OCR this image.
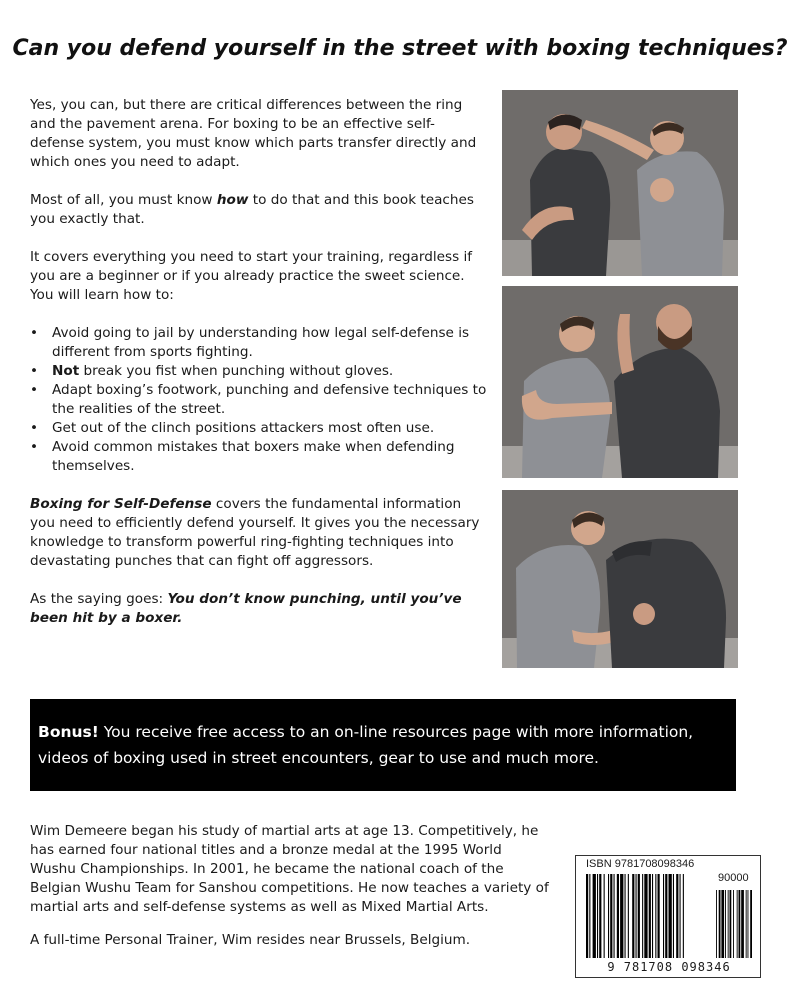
Can you defend yourself in the street with boxing techniques?

Yes, you can, but there are critical differences between the ring and the pavement arena. For boxing to be an effective self-defense system, you must know which parts transfer directly and which ones you need to adapt.

Most of all, you must know how to do that and this book teaches you exactly that.

It covers everything you need to start your training, regardless if you are a beginner or if you already practice the sweet science. You will learn how to:

• Avoid going to jail by understanding how legal self-defense is different from sports fighting.
• Not break you fist when punching without gloves.
• Adapt boxing’s footwork, punching and defensive techniques to the realities of the street.
• Get out of the clinch positions attackers most often use.
• Avoid common mistakes that boxers make when defending themselves.

Boxing for Self-Defense covers the fundamental information you need to efficiently defend yourself. It gives you the necessary knowledge to transform powerful ring-fighting techniques into devastating punches that can fight off aggressors.

As the saying goes: You don’t know punching, until you’ve been hit by a boxer.

Bonus! You receive free access to an on-line resources page with more information, videos of boxing used in street encounters, gear to use and much more.

Wim Demeere began his study of martial arts at age 13. Competitively, he has earned four national titles and a bronze medal at the 1995 World Wushu Championships. In 2001, he became the national coach of the Belgian Wushu Team for Sanshou competitions. He now teaches a variety of martial arts and self-defense systems as well as Mixed Martial Arts.

A full-time Personal Trainer, Wim resides near Brussels, Belgium.

ISBN 9781708098346
90000
9 781708 098346
